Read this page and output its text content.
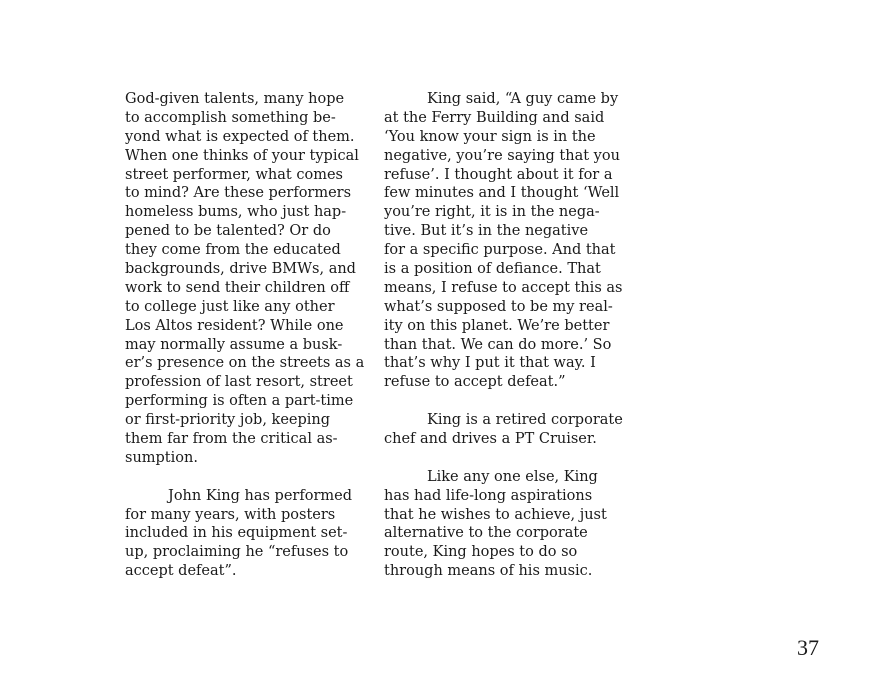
God-given talents, many hope
to accomplish something be-
yond what is expected of them.
When one thinks of your typical
street performer, what comes
to mind? Are these performers
homeless bums, who just hap-
pened to be talented? Or do
they come from the educated
backgrounds, drive BMWs, and
work to send their children off
to college just like any other
Los Altos resident? While one
may normally assume a busk-
er’s presence on the streets as a
profession of last resort, street
performing is often a part-time
or first-priority job, keeping
them far from the critical as-
sumption.
John King has performed
for many years, with posters
included in his equipment set-
up, proclaiming he “refuses to
accept defeat”.
King said, “A guy came by
at the Ferry Building and said
‘You know your sign is in the
negative, you’re saying that you
refuse’. I thought about it for a
few minutes and I thought ‘Well
you’re right, it is in the nega-
tive. But it’s in the negative
for a specific purpose. And that
is a position of defiance. That
means, I refuse to accept this as
what’s supposed to be my real-
ity on this planet. We’re better
than that. We can do more.’ So
that’s why I put it that way. I
refuse to accept defeat.”
King is a retired corporate
chef and drives a PT Cruiser.
Like any one else, King
has had life-long aspirations
that he wishes to achieve, just
alternative to the corporate
route, King hopes to do so
through means of his music.
37
